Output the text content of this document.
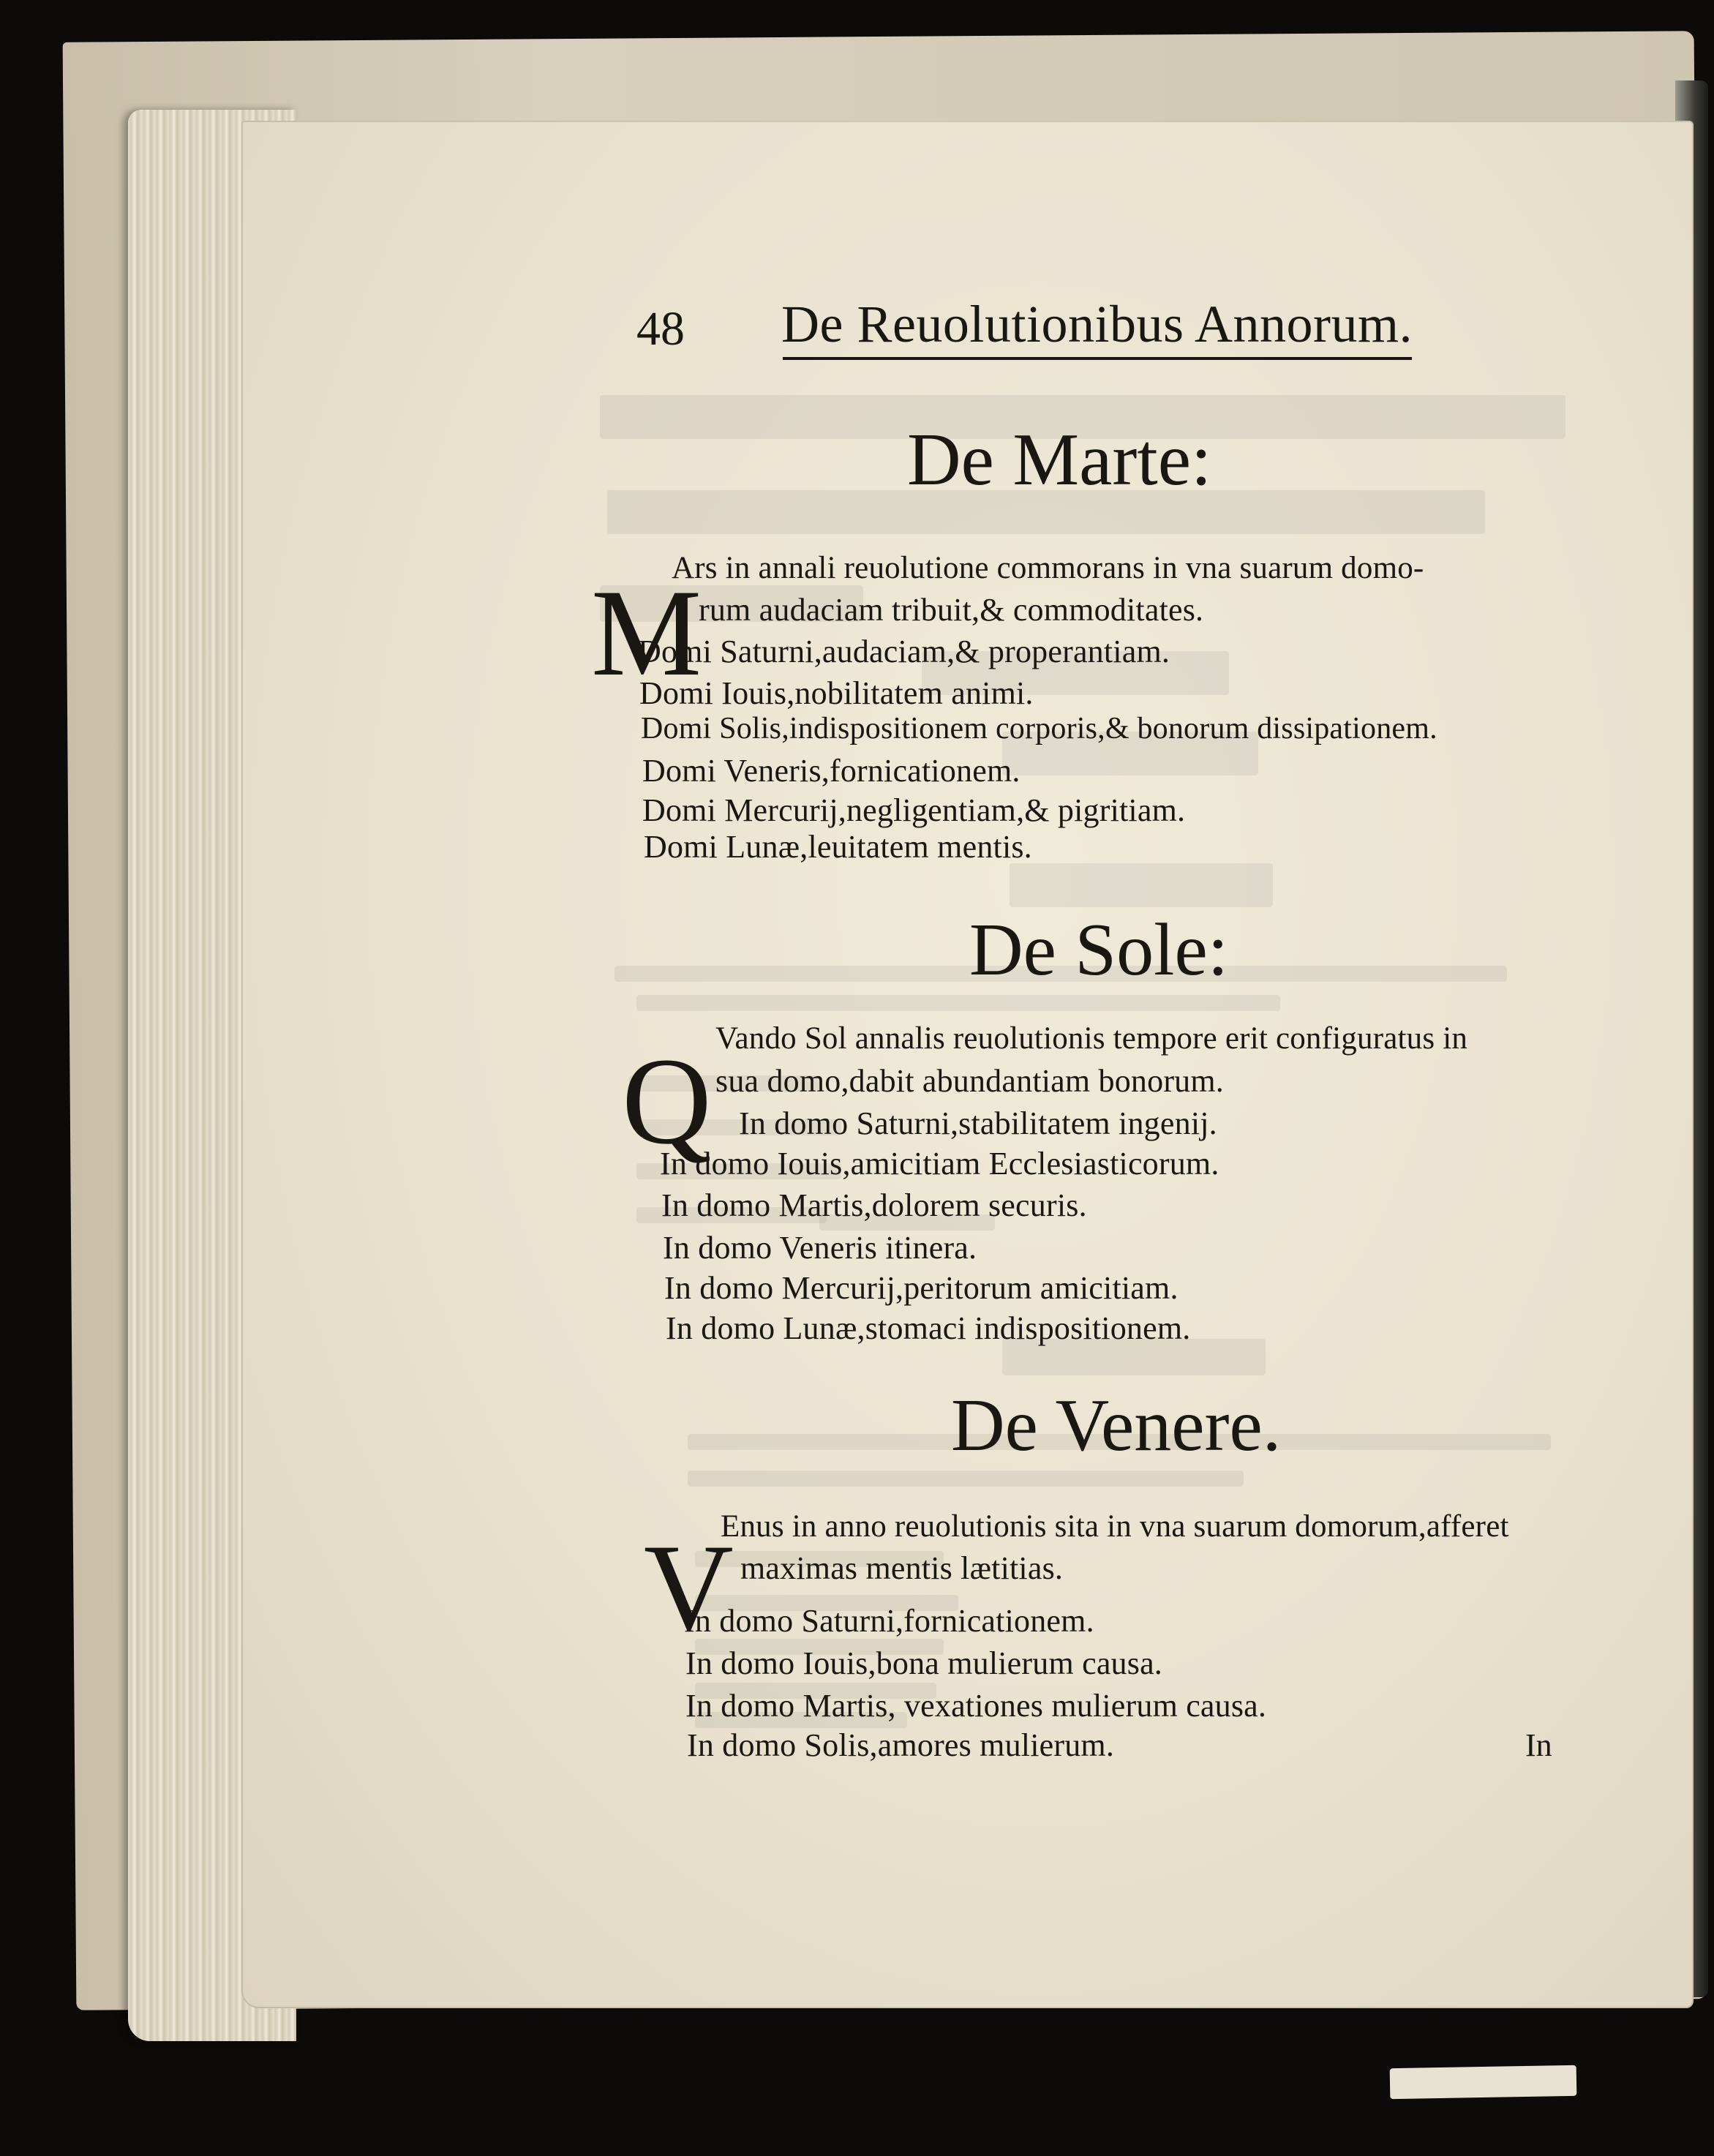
48 De Reuolutionibus Annorum.
De Marte:
M
Ars in annali reuolutione commorans in vna suarum domo-
rum audaciam tribuit,& commoditates.
Domi Saturni,audaciam,& properantiam.
Domi Iouis,nobilitatem animi.
Domi Solis,indispositionem corporis,& bonorum dissipationem.
Domi Veneris,fornicationem.
Domi Mercurij,negligentiam,& pigritiam.
Domi Lunæ,leuitatem mentis.
De Sole:
Q Vando Sol annalis reuolutionis tempore erit configuratus in
sua domo,dabit abundantiam bonorum.
In domo Saturni,stabilitatem ingenij.
In domo Iouis,amicitiam Ecclesiasticorum.
In domo Martis,dolorem securis.
In domo Veneris itinera.
In domo Mercurij,peritorum amicitiam.
In domo Lunæ,stomaci indispositionem.
De Venere.
V
Enus in anno reuolutionis sita in vna suarum domorum,afferet
maximas mentis lætitias.
In domo Saturni,fornicationem.
In domo Iouis,bona mulierum causa.
In domo Martis, vexationes mulierum causa.
In domo Solis,amores mulierum.	In
